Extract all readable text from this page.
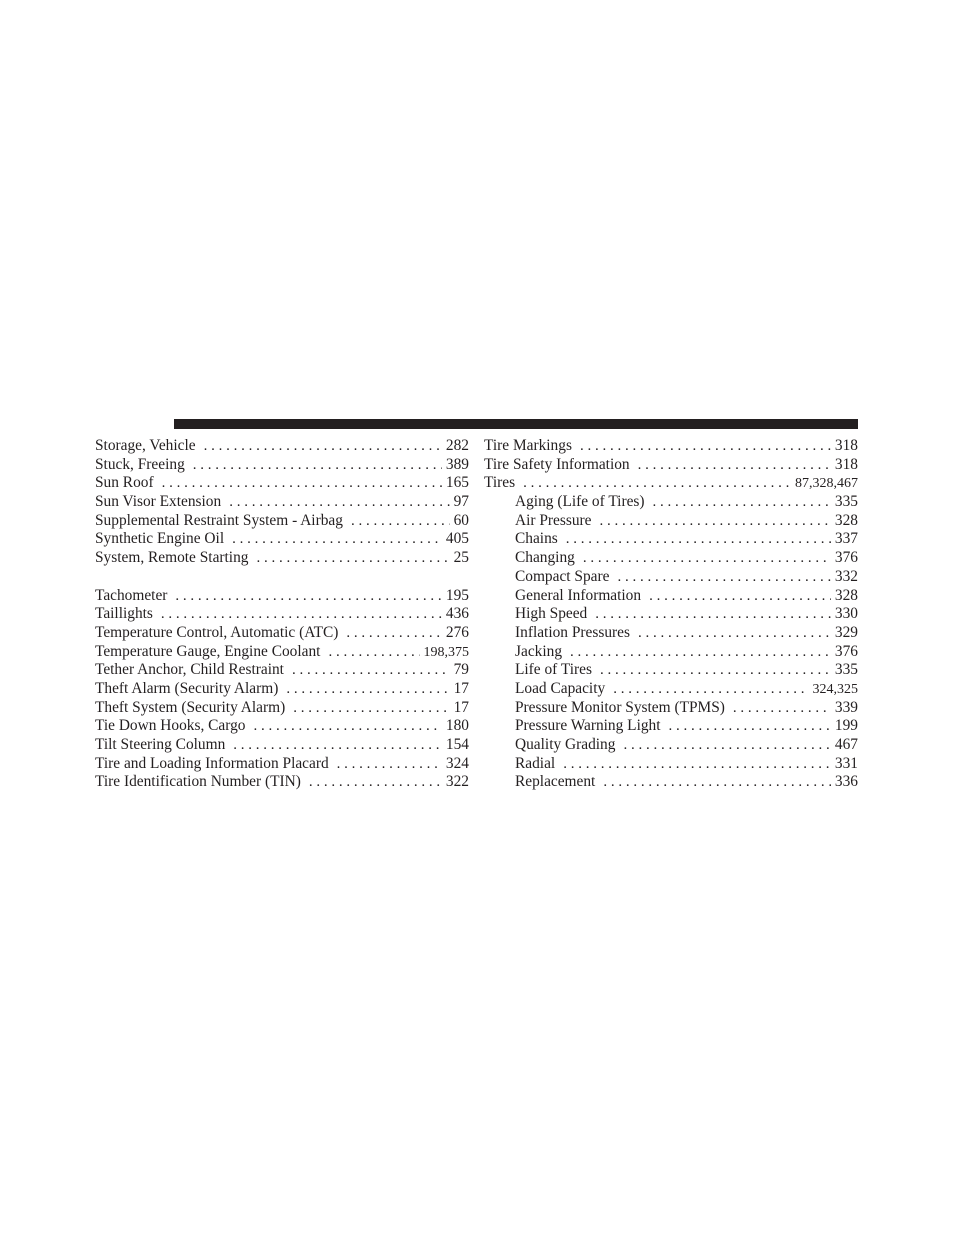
Storage, Vehicle . . .	282
Stuck, Freeing . . .	389
Sun Roof . . .	165
Sun Visor Extension . . .	97
Supplemental Restraint System - Airbag . . .	60
Synthetic Engine Oil . . .	405
System, Remote Starting . . .	25
Tachometer . . .	195
Taillights . . .	436
Temperature Control, Automatic (ATC) . . .	276
Temperature Gauge, Engine Coolant . . .	198,375
Tether Anchor, Child Restraint . . .	79
Theft Alarm (Security Alarm) . . .	17
Theft System (Security Alarm) . . .	17
Tie Down Hooks, Cargo . . .	180
Tilt Steering Column . . .	154
Tire and Loading Information Placard . . .	324
Tire Identification Number (TIN) . . .	322
Tire Markings . . .	318
Tire Safety Information . . .	318
Tires . . .	87,328,467
Aging (Life of Tires) . . .	335
Air Pressure . . .	328
Chains . . .	337
Changing . . .	376
Compact Spare . . .	332
General Information . . .	328
High Speed . . .	330
Inflation Pressures . . .	329
Jacking . . .	376
Life of Tires . . .	335
Load Capacity . . .	324,325
Pressure Monitor System (TPMS) . . .	339
Pressure Warning Light . . .	199
Quality Grading . . .	467
Radial . . .	331
Replacement . . .	336
